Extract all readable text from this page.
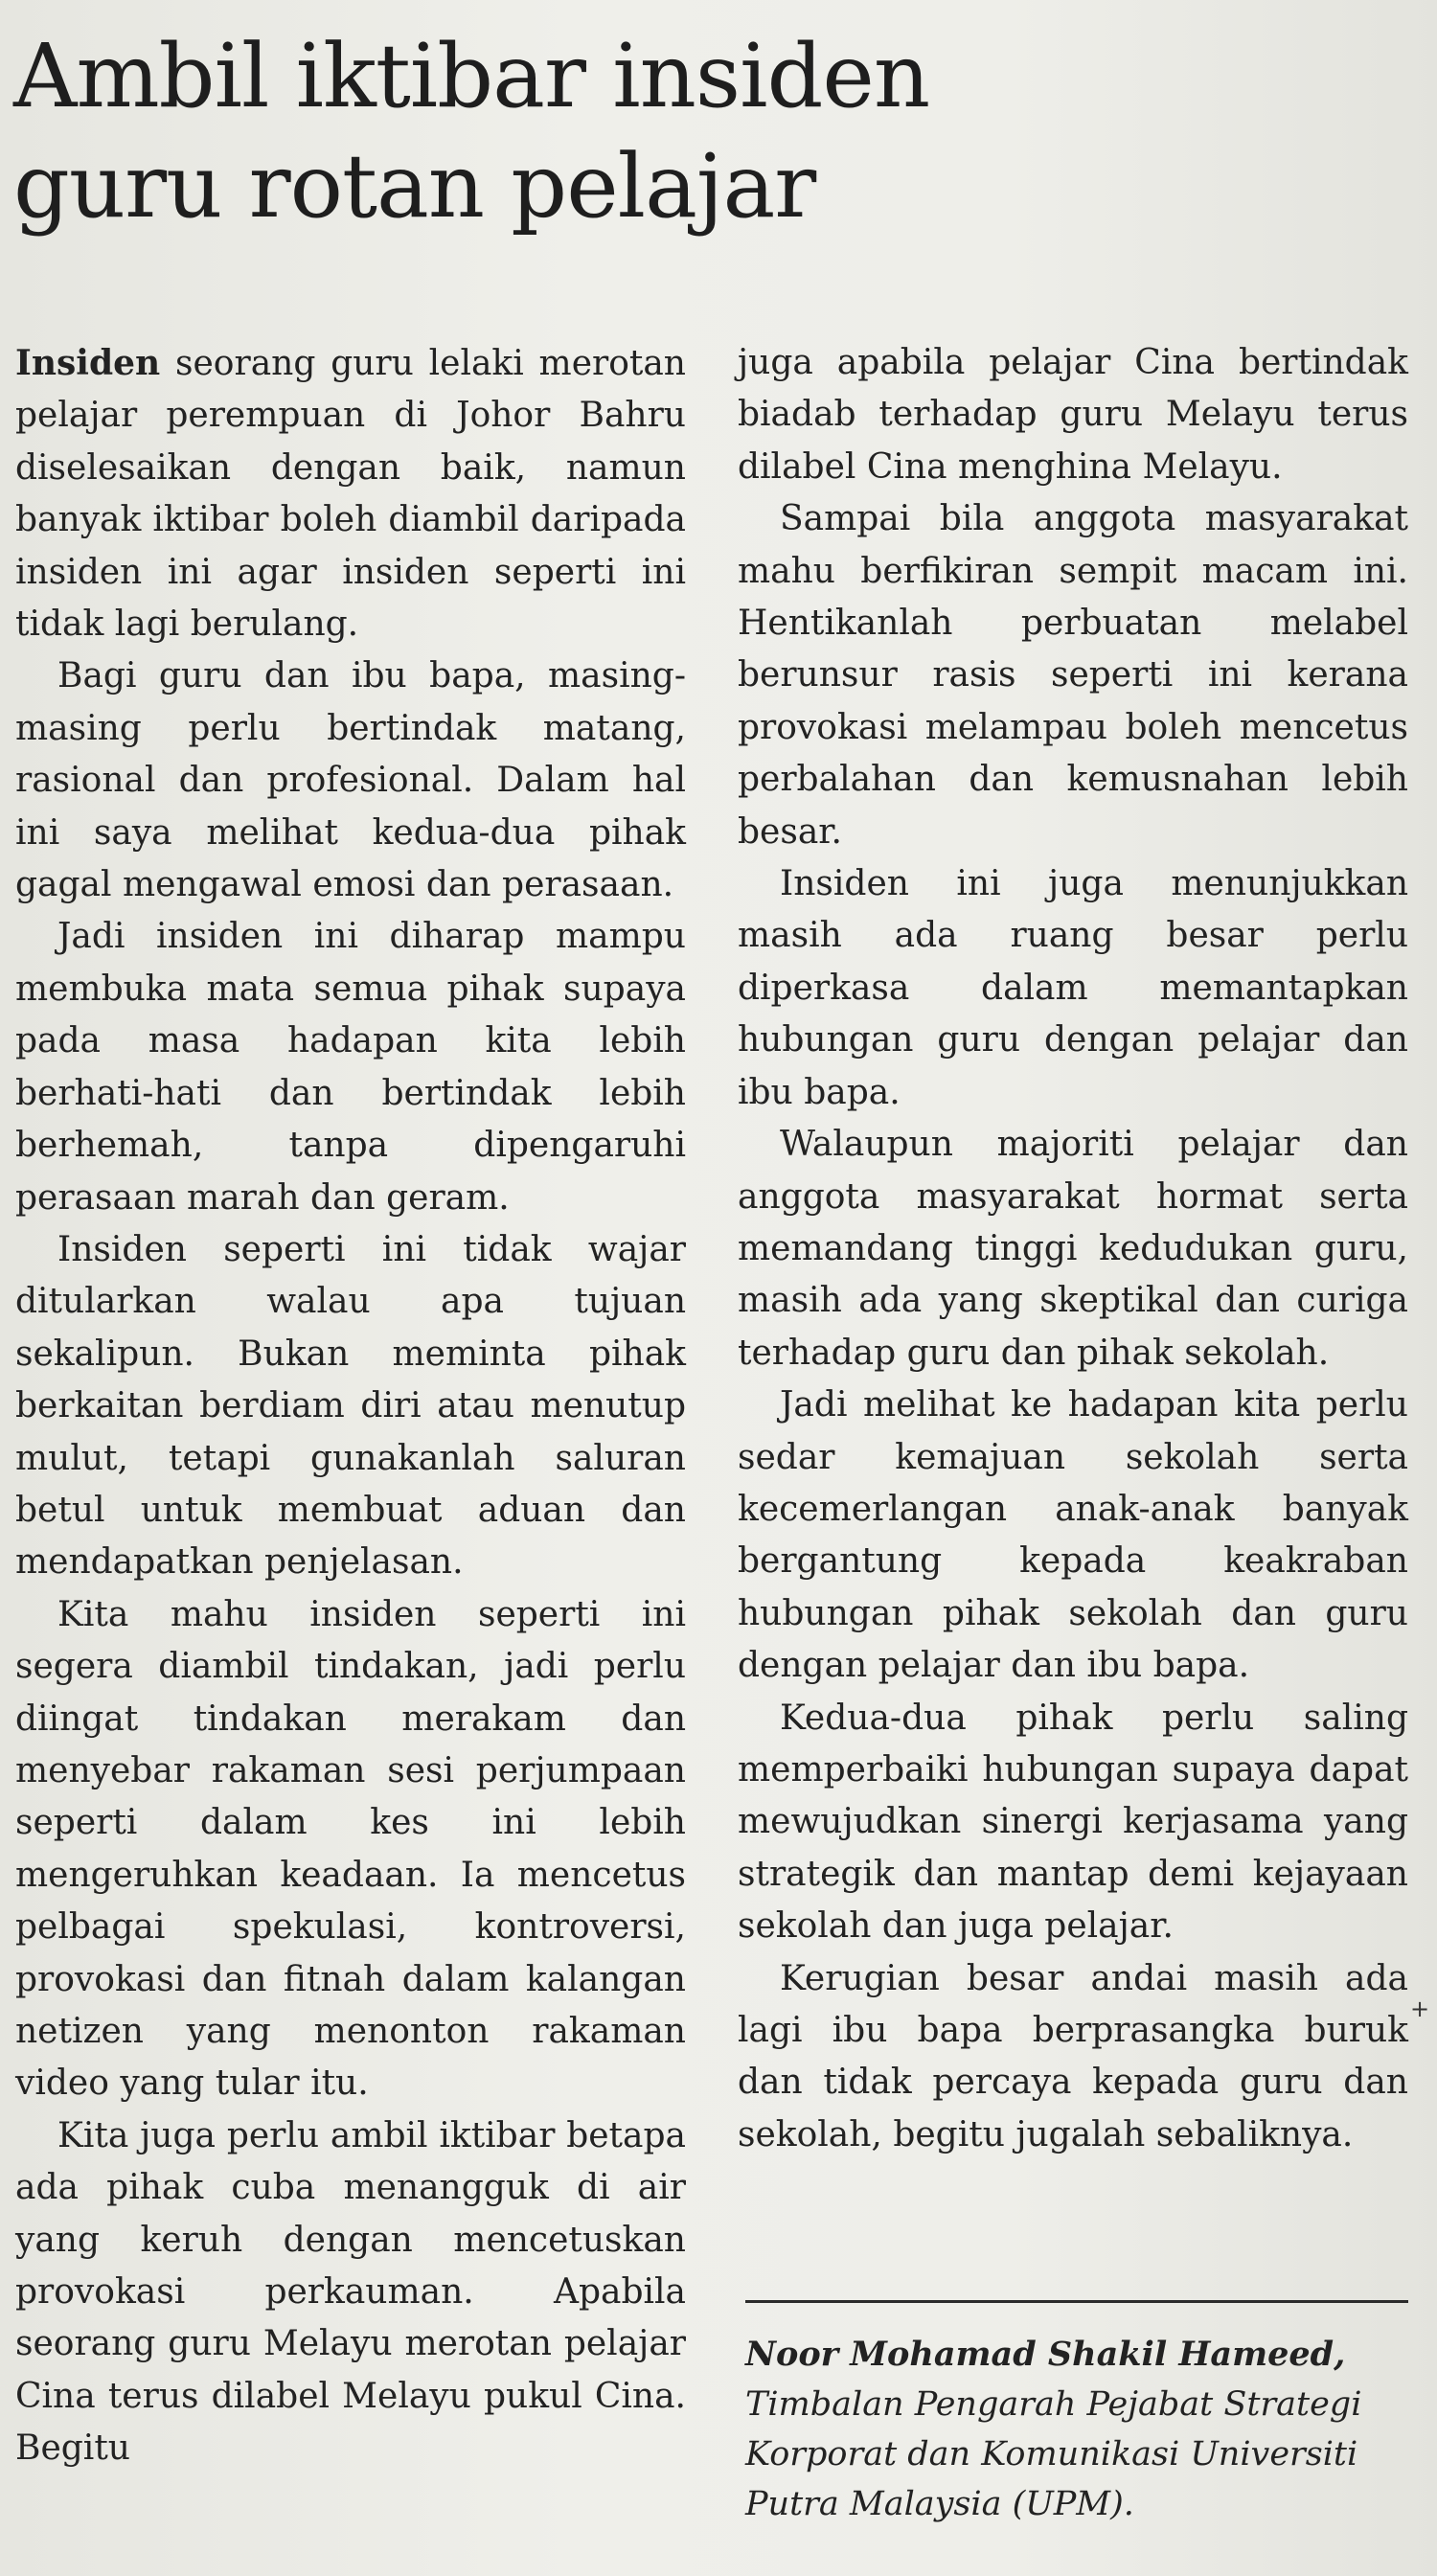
Ambil iktibar insiden guru rotan pelajar

Insiden seorang guru lelaki merotan pelajar perempuan di Johor Bahru diselesaikan dengan baik, namun banyak iktibar boleh diambil daripada insiden ini agar insiden seperti ini tidak lagi berulang.

Bagi guru dan ibu bapa, masing-masing perlu bertindak matang, rasional dan profesional. Dalam hal ini saya melihat kedua-dua pihak gagal mengawal emosi dan perasaan.

Jadi insiden ini diharap mampu membuka mata semua pihak supaya pada masa hadapan kita lebih berhati-hati dan bertindak lebih berhemah, tanpa dipengaruhi perasaan marah dan geram.

Insiden seperti ini tidak wajar ditularkan walau apa tujuan sekalipun. Bukan meminta pihak berkaitan berdiam diri atau menutup mulut, tetapi gunakanlah saluran betul untuk membuat aduan dan mendapatkan penjelasan.

Kita mahu insiden seperti ini segera diambil tindakan, jadi perlu diingat tindakan merakam dan menyebar rakaman sesi perjumpaan seperti dalam kes ini lebih mengeruhkan keadaan. Ia mencetus pelbagai spekulasi, kontroversi, provokasi dan fitnah dalam kalangan netizen yang menonton rakaman video yang tular itu.

Kita juga perlu ambil iktibar betapa ada pihak cuba menangguk di air yang keruh dengan mencetuskan provokasi perkauman. Apabila seorang guru Melayu merotan pelajar Cina terus dilabel Melayu pukul Cina. Begitu

juga apabila pelajar Cina bertindak biadab terhadap guru Melayu terus dilabel Cina menghina Melayu.

Sampai bila anggota masyarakat mahu berfikiran sempit macam ini. Hentikanlah perbuatan melabel berunsur rasis seperti ini kerana provokasi melampau boleh mencetus perbalahan dan kemusnahan lebih besar.

Insiden ini juga menunjukkan masih ada ruang besar perlu diperkasa dalam memantapkan hubungan guru dengan pelajar dan ibu bapa.

Walaupun majoriti pelajar dan anggota masyarakat hormat serta memandang tinggi kedudukan guru, masih ada yang skeptikal dan curiga terhadap guru dan pihak sekolah.

Jadi melihat ke hadapan kita perlu sedar kemajuan sekolah serta kecemerlangan anak-anak banyak bergantung kepada keakraban hubungan pihak sekolah dan guru dengan pelajar dan ibu bapa.

Kedua-dua pihak perlu saling memperbaiki hubungan supaya dapat mewujudkan sinergi kerjasama yang strategik dan mantap demi kejayaan sekolah dan juga pelajar.

Kerugian besar andai masih ada lagi ibu bapa berprasangka buruk dan tidak percaya kepada guru dan sekolah, begitu jugalah sebaliknya.

+
Noor Mohamad Shakil Hameed,
Timbalan Pengarah Pejabat Strategi Korporat dan Komunikasi Universiti Putra Malaysia (UPM).
